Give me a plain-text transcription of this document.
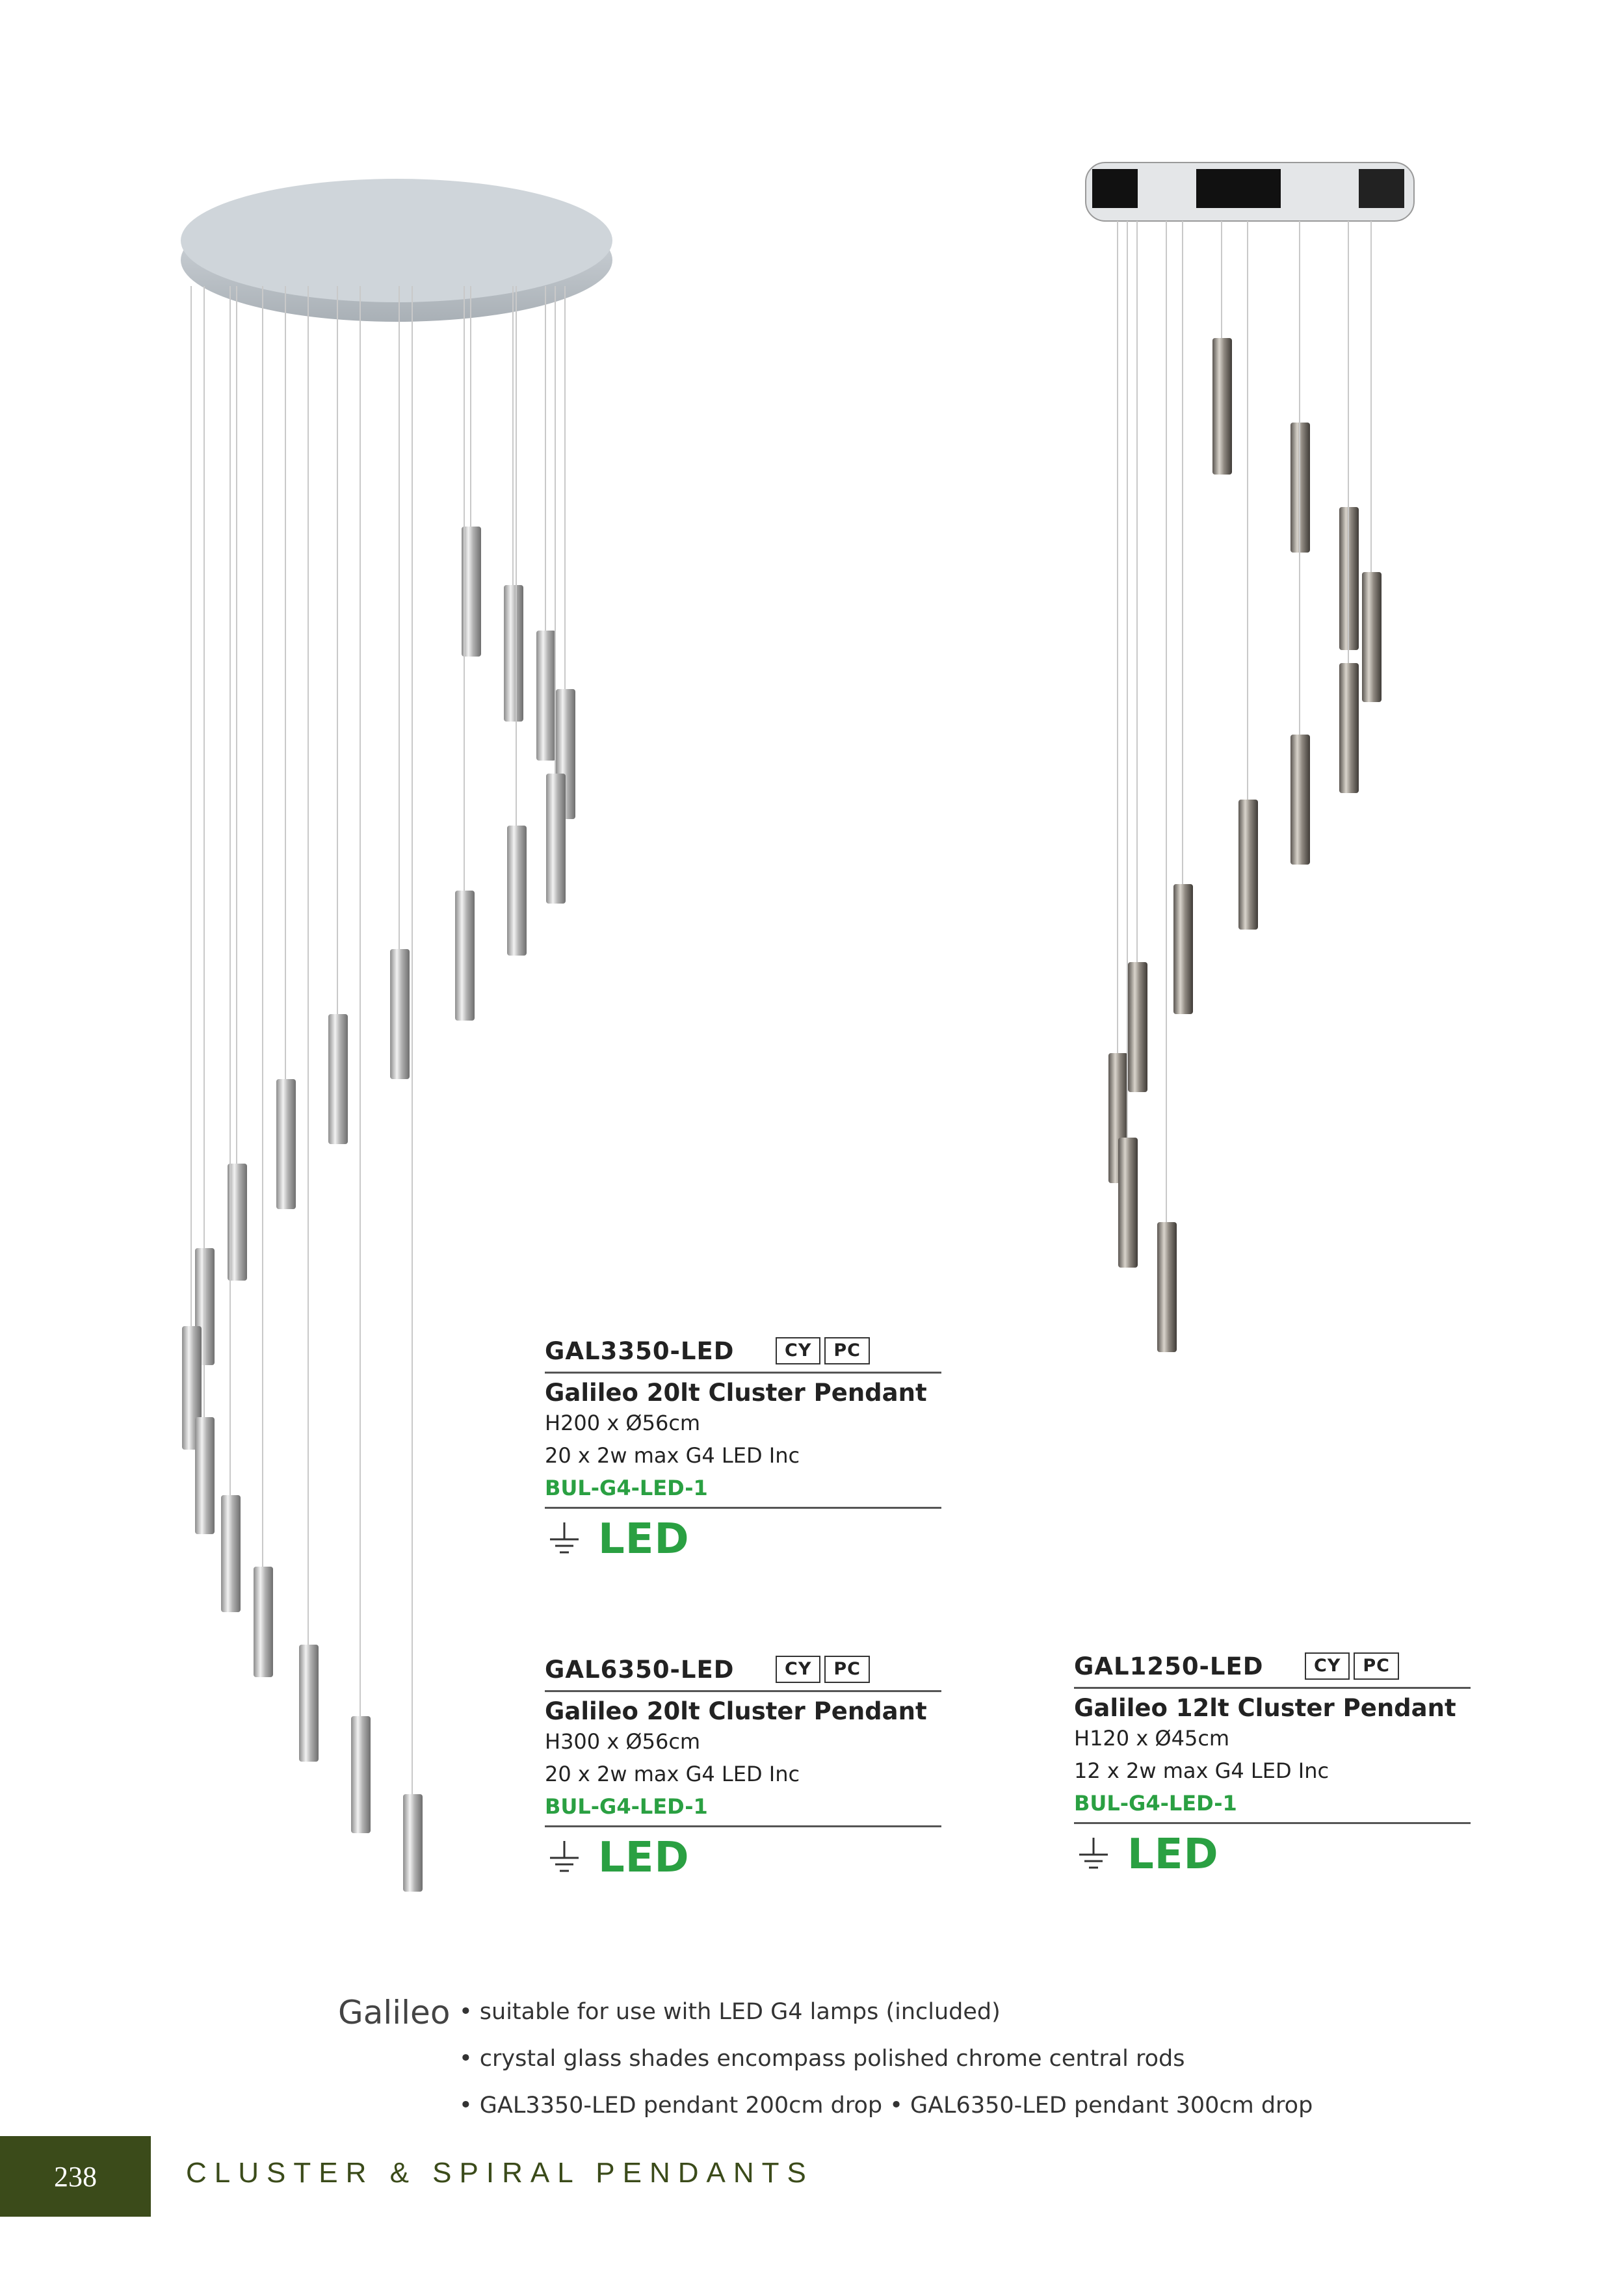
GAL3350-LED	CY	PC
Galileo 20lt Cluster Pendant
H200 x Ø56cm
20 x 2w max G4 LED Inc
BUL-G4-LED-1
LED
GAL6350-LED	CY	PC
Galileo 20lt Cluster Pendant
H300 x Ø56cm
20 x 2w max G4 LED Inc
BUL-G4-LED-1
LED
GAL1250-LED	CY	PC
Galileo 12lt Cluster Pendant
H120 x Ø45cm
12 x 2w max G4 LED Inc
BUL-G4-LED-1
LED
Galileo • suitable for use with LED G4 lamps (included)
• crystal glass shades encompass polished chrome central rods
• GAL3350-LED pendant 200cm drop • GAL6350-LED pendant 300cm drop
238	CLUSTER & SPIRAL PENDANTS
